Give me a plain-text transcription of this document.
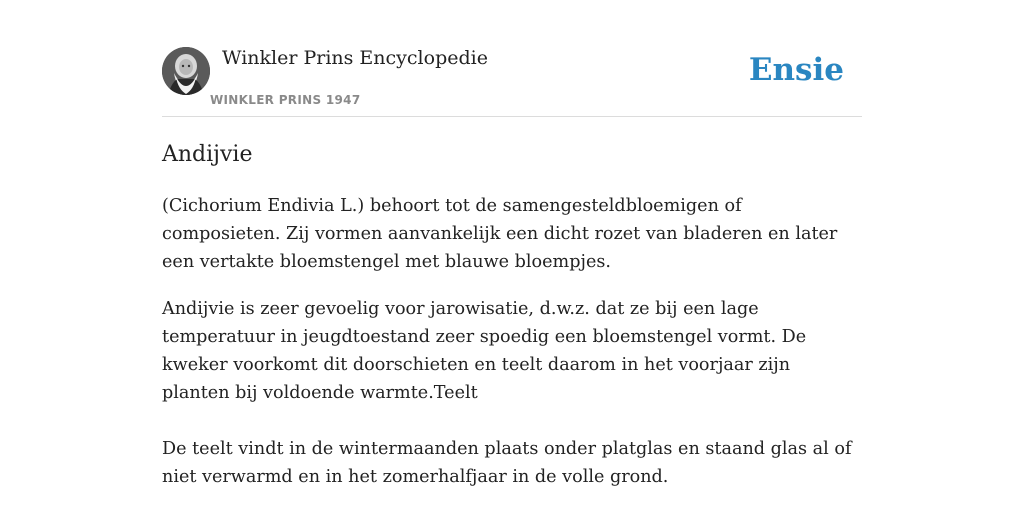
Winkler Prins Encyclopedie
WINKLER PRINS 1947
Ensie
Andijvie

(Cichorium Endivia L.) behoort tot de samengesteldbloemigen of composieten. Zij vormen aanvankelijk een dicht rozet van bladeren en later een vertakte bloemstengel met blauwe bloempjes.

Andijvie is zeer gevoelig voor jarowisatie, d.w.z. dat ze bij een lage temperatuur in jeugdtoestand zeer spoedig een bloemstengel vormt. De kweker voorkomt dit doorschieten en teelt daarom in het voorjaar zijn planten bij voldoende warmte.Teelt

De teelt vindt in de wintermaanden plaats onder platglas en staand glas al of niet verwarmd en in het zomerhalfjaar in de volle grond.
